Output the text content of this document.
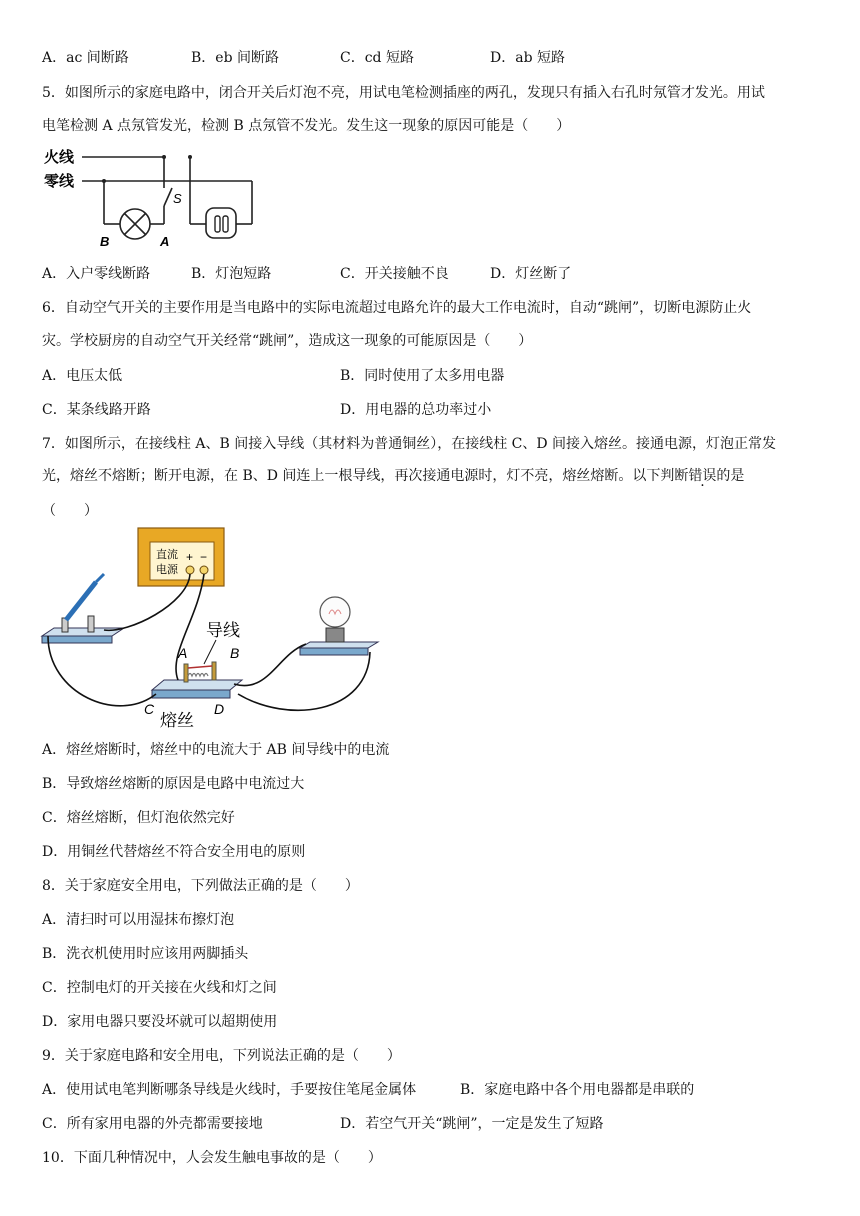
A．ac 间断路	B．eb 间断路	C．cd 短路	D．ab 短路
5．如图所示的家庭电路中，闭合开关后灯泡不亮，用试电笔检测插座的两孔，发现只有插入右孔时氖管才发光。用试
电笔检测 A 点氖管发光，检测 B 点氖管不发光。发生这一现象的原因可能是（　　）
火线
零线
S
B	A
A．入户零线断路	B．灯泡短路	C．开关接触不良	D．灯丝断了
6．自动空气开关的主要作用是当电路中的实际电流超过电路允许的最大工作电流时，自动“跳闸”，切断电源防止火
灾。学校厨房的自动空气开关经常“跳闸”，造成这一现象的可能原因是（　　）
A．电压太低	B．同时使用了太多用电器
C．某条线路开路	D．用电器的总功率过小
7．如图所示，在接线柱 A、B 间接入导线（其材料为普通铜丝），在接线柱 C、D 间接入熔丝。接通电源，灯泡正常发
光，熔丝不熔断；断开电源，在 B、D 间连上一根导线，再次接通电源时，灯不亮，熔丝熔断。以下判断错误的是
（　　）
直流
电源
+ −
导线
A	B
C	D
熔丝
A．熔丝熔断时，熔丝中的电流大于 AB 间导线中的电流
B．导致熔丝熔断的原因是电路中电流过大
C．熔丝熔断，但灯泡依然完好
D．用铜丝代替熔丝不符合安全用电的原则
8．关于家庭安全用电，下列做法正确的是（　　）
A．清扫时可以用湿抹布擦灯泡
B．洗衣机使用时应该用两脚插头
C．控制电灯的开关接在火线和灯之间
D．家用电器只要没坏就可以超期使用
9．关于家庭电路和安全用电，下列说法正确的是（　　）
A．使用试电笔判断哪条导线是火线时，手要按住笔尾金属体	B．家庭电路中各个用电器都是串联的
C．所有家用电器的外壳都需要接地	D．若空气开关“跳闸”，一定是发生了短路
10．下面几种情况中，人会发生触电事故的是（　　）
